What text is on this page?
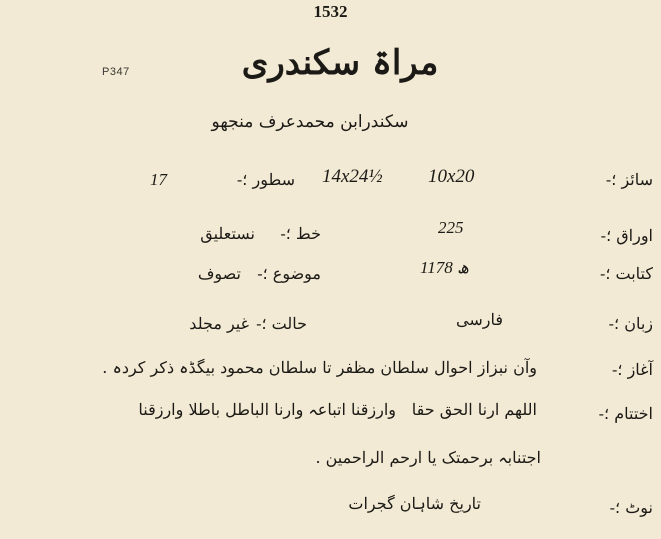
1532
P347	مراۃ سکندری
سکندرابن محمدعرف منجھو
سائز ؛-
10x20
14x24½
سطور ؛-
17
اوراق ؛-
225
خط ؛-
نستعلیق
کتابت ؛-
1178 ھ
موضوع ؛-
تصوف
زبان ؛-
فارسی
حالت ؛-
غیر مجلد
آغاز ؛-
وآن نبزاز احوال سلطان مظفر تا سلطان محمود بیگڈہ ذکر کردہ .
اختتام ؛-
اللھم ارنا الحق حقا
وارزقنا اتباعہ وارنا الباطل باطلا وارزقنا
اجتنابہ برحمتک یا ارحم الراحمین .
نوٹ ؛-
تاریخ شاہان گجرات
